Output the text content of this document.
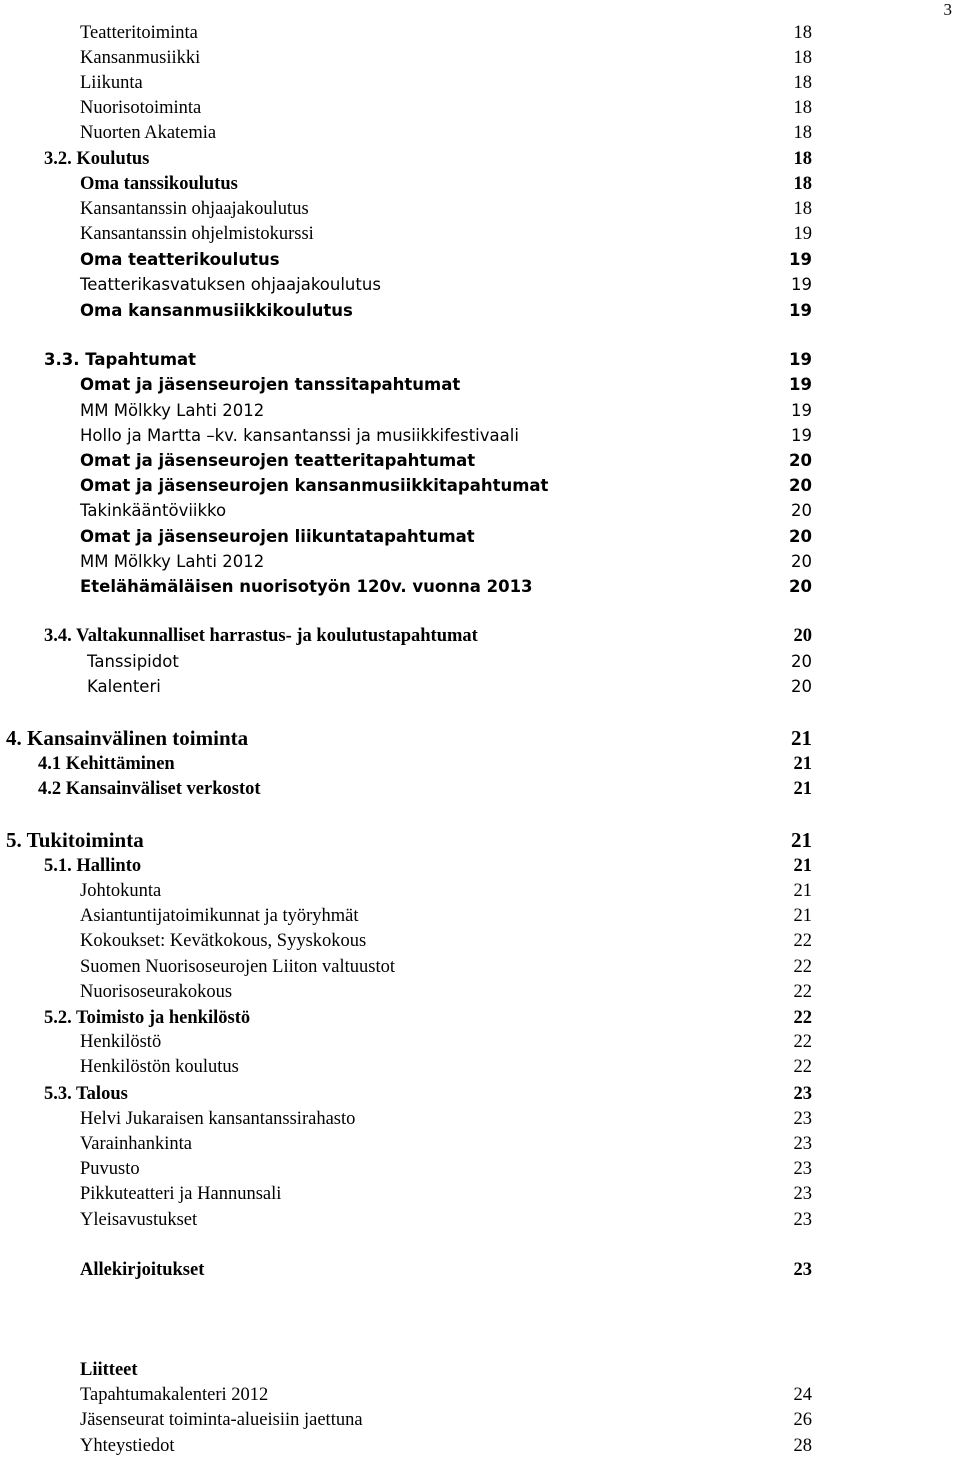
3
Teatteritoiminta	18
Kansanmusiikki	18
Liikunta	18
Nuorisotoiminta	18
Nuorten Akatemia	18
3.2. Koulutus	18
Oma tanssikoulutus	18
Kansantanssin ohjaajakoulutus	18
Kansantanssin ohjelmistokurssi	19
Oma teatterikoulutus	19
Teatterikasvatuksen ohjaajakoulutus	19
Oma kansanmusiikkikoulutus	19
3.3. Tapahtumat	19
Omat ja jäsenseurojen tanssitapahtumat	19
MM Mölkky Lahti 2012	19
Hollo ja Martta –kv. kansantanssi ja musiikkifestivaali	19
Omat ja jäsenseurojen teatteritapahtumat	20
Omat ja jäsenseurojen kansanmusiikkitapahtumat	20
Takinkääntöviikko	20
Omat ja jäsenseurojen liikuntatapahtumat	20
MM Mölkky Lahti 2012	20
Etelähämäläisen nuorisotyön 120v. vuonna 2013	20
3.4. Valtakunnalliset harrastus- ja koulutustapahtumat	20
Tanssipidot	20
Kalenteri	20
4. Kansainvälinen toiminta	21
4.1 Kehittäminen	21
4.2 Kansainväliset verkostot	21
5. Tukitoiminta	21
5.1. Hallinto	21
Johtokunta	21
Asiantuntijatoimikunnat ja työryhmät	21
Kokoukset: Kevätkokous, Syyskokous	22
Suomen Nuorisoseurojen Liiton valtuustot	22
Nuorisoseurakokous	22
5.2. Toimisto ja henkilöstö	22
Henkilöstö	22
Henkilöstön koulutus	22
5.3. Talous	23
Helvi Jukaraisen kansantanssirahasto	23
Varainhankinta	23
Puvusto	23
Pikkuteatteri ja Hannunsali	23
Yleisavustukset	23
Allekirjoitukset	23
Liitteet
Tapahtumakalenteri 2012	24
Jäsenseurat toiminta-alueisiin jaettuna	26
Yhteystiedot	28
